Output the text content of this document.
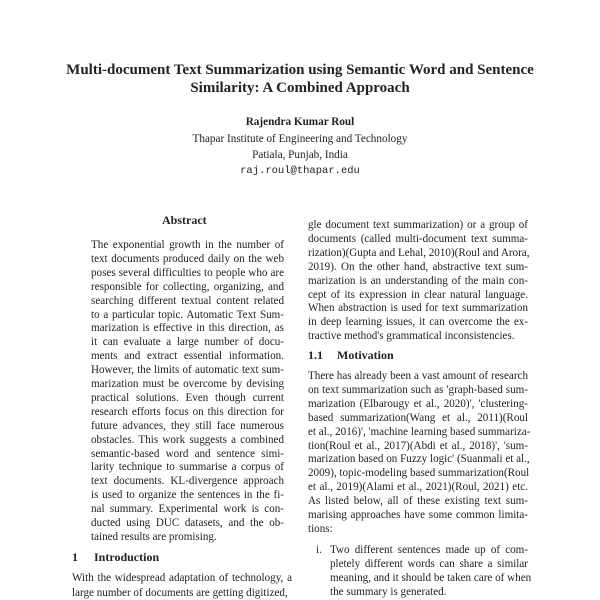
Multi-document Text Summarization using Semantic Word and Sentence
Similarity: A Combined Approach
Rajendra Kumar Roul
Thapar Institute of Engineering and Technology
Patiala, Punjab, India
raj.roul@thapar.edu
Abstract
The exponential growth in the number of
text documents produced daily on the web
poses several difficulties to people who are
responsible for collecting, organizing, and
searching different textual content related
to a particular topic. Automatic Text Sum-
marization is effective in this direction, as
it can evaluate a large number of docu-
ments and extract essential information.
However, the limits of automatic text sum-
marization must be overcome by devising
practical solutions. Even though current
research efforts focus on this direction for
future advances, they still face numerous
obstacles. This work suggests a combined
semantic-based word and sentence simi-
larity technique to summarise a corpus of
text documents. KL-divergence approach
is used to organize the sentences in the fi-
nal summary. Experimental work is con-
ducted using DUC datasets, and the ob-
tained results are promising.
1 Introduction
With the widespread adaptation of technology, a
large number of documents are getting digitized,
gle document text summarization) or a group of
documents (called multi-document text summa-
rization)(Gupta and Lehal, 2010)(Roul and Arora,
2019). On the other hand, abstractive text sum-
marization is an understanding of the main con-
cept of its expression in clear natural language.
When abstraction is used for text summarization
in deep learning issues, it can overcome the ex-
tractive method's grammatical inconsistencies.
1.1 Motivation
There has already been a vast amount of research
on text summarization such as 'graph-based sum-
marization (Elbarougy et al., 2020)', 'clustering-
based summarization(Wang et al., 2011)(Roul
et al., 2016)', 'machine learning based summariza-
tion(Roul et al., 2017)(Abdi et al., 2018)', 'sum-
marization based on Fuzzy logic' (Suanmali et al.,
2009), topic-modeling based summarization(Roul
et al., 2019)(Alami et al., 2021)(Roul, 2021) etc.
As listed below, all of these existing text sum-
marising approaches have some common limita-
tions:
i. Two different sentences made up of com-
pletely different words can share a similar
meaning, and it should be taken care of when
the summary is generated.
